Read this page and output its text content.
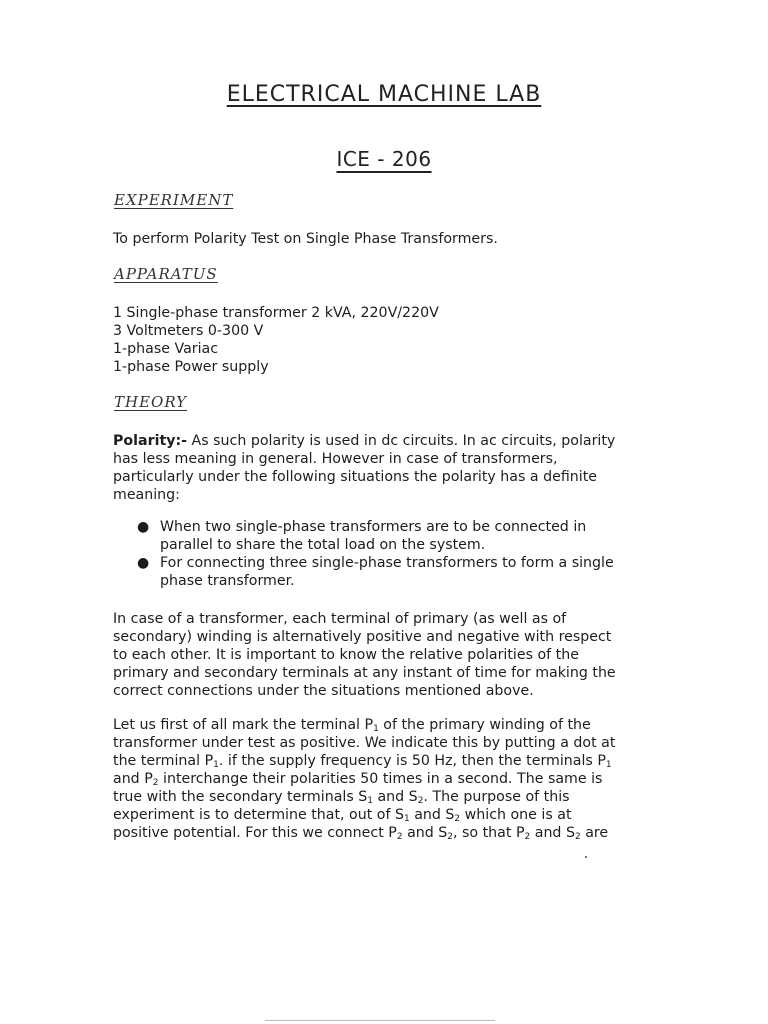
ELECTRICAL MACHINE LAB
ICE - 206
EXPERIMENT
To perform Polarity Test on Single Phase Transformers.
APPARATUS
1 Single-phase transformer 2 kVA, 220V/220V
3 Voltmeters 0-300 V
1-phase Variac
1-phase Power supply
THEORY
Polarity:- As such polarity is used in dc circuits. In ac circuits, polarity
has less meaning in general. However in case of transformers,
particularly under the following situations the polarity has a definite
meaning:
● When two single-phase transformers are to be connected in
parallel to share the total load on the system.
● For connecting three single-phase transformers to form a single
phase transformer.
In case of a transformer, each terminal of primary (as well as of
secondary) winding is alternatively positive and negative with respect
to each other. It is important to know the relative polarities of the
primary and secondary terminals at any instant of time for making the
correct connections under the situations mentioned above.
Let us first of all mark the terminal $P_1$ of the primary winding of the
transformer under test as positive. We indicate this by putting a dot at
the terminal $P_1$. if the supply frequency is 50 Hz, then the terminals $P_1$
and $P_2$ interchange their polarities 50 times in a second. The same is
true with the secondary terminals $S_1$ and $S_2$. The purpose of this
experiment is to determine that, out of $S_1$ and $S_2$ which one is at
positive potential. For this we connect $P_2$ and $S_2$, so that $P_2$ and $S_2$ are
